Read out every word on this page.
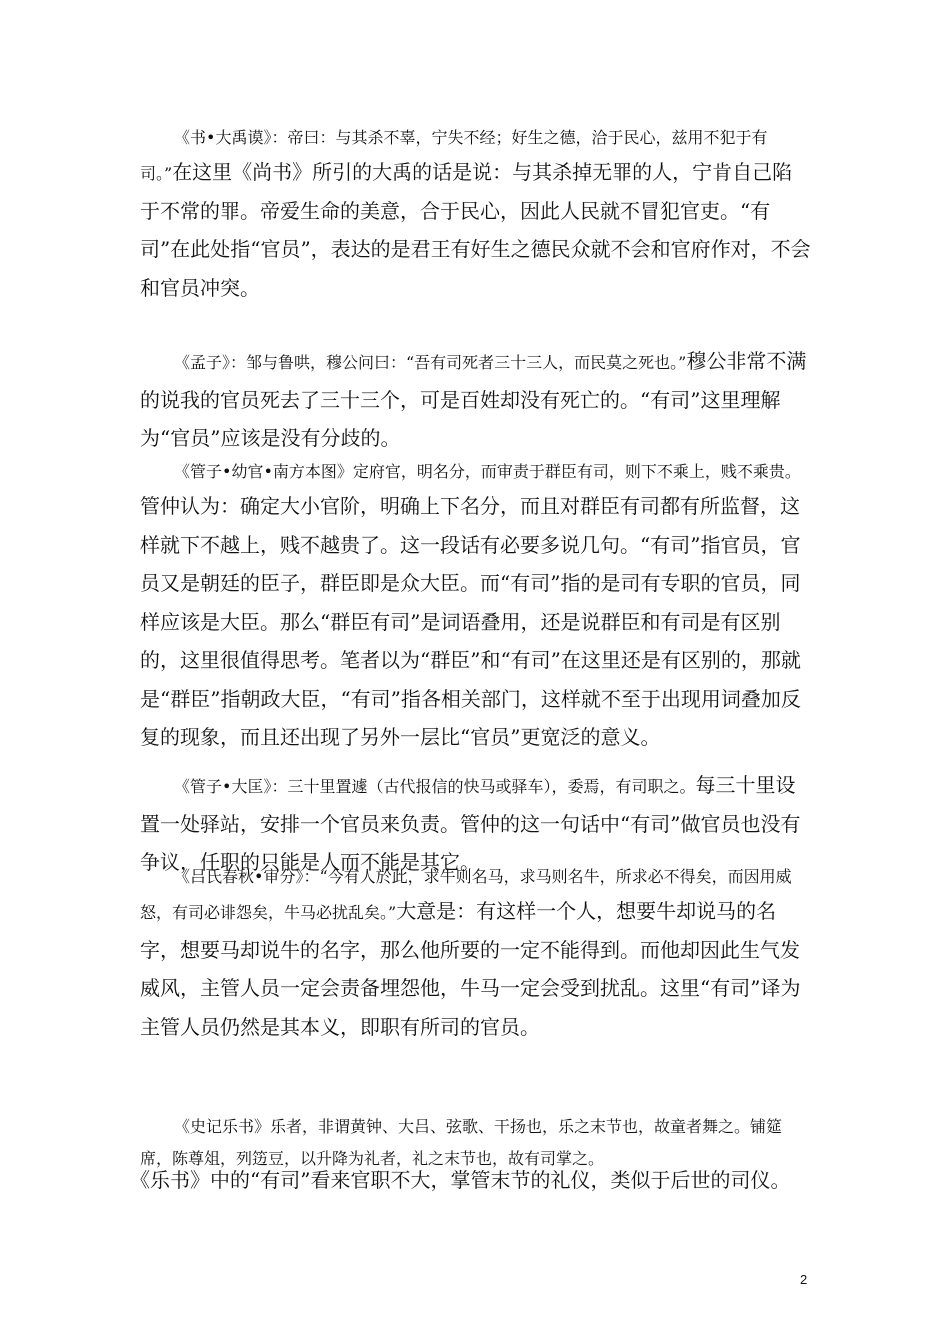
《书•大禹谟》：帝曰：与其杀不辜，宁失不经；好生之德，洽于民心，兹用不犯于有司。”在这里《尚书》所引的大禹的话是说：与其杀掉无罪的人，宁肯自己陷于不常的罪。帝爱生命的美意，合于民心，因此人民就不冒犯官吏。“有司”在此处指“官员”，表达的是君王有好生之德民众就不会和官府作对，不会和官员冲突。

《孟子》：邹与鲁哄，穆公问曰：“吾有司死者三十三人，而民莫之死也。”穆公非常不满的说我的官员死去了三十三个，可是百姓却没有死亡的。“有司”这里理解为“官员”应该是没有分歧的。

《管子•幼官•南方本图》定府官，明名分，而审责于群臣有司，则下不乘上，贱不乘贵。管仲认为：确定大小官阶，明确上下名分，而且对群臣有司都有所监督，这样就下不越上，贱不越贵了。这一段话有必要多说几句。“有司”指官员，官员又是朝廷的臣子，群臣即是众大臣。而“有司”指的是司有专职的官员，同样应该是大臣。那么“群臣有司”是词语叠用，还是说群臣和有司是有区别的，这里很值得思考。笔者以为“群臣”和“有司”在这里还是有区别的，那就是“群臣”指朝政大臣，“有司”指各相关部门，这样就不至于出现用词叠加反复的现象，而且还出现了另外一层比“官员”更宽泛的意义。

《管子•大匡》：三十里置遽（古代报信的快马或驿车），委焉，有司职之。每三十里设置一处驿站，安排一个官员来负责。管仲的这一句话中“有司”做官员也没有争议，任职的只能是人而不能是其它。

《吕氏春秋•审分》：“今有人於此，求牛则名马，求马则名牛，所求必不得矣，而因用威怒，有司必诽怨矣，牛马必扰乱矣。”大意是：有这样一个人，想要牛却说马的名字，想要马却说牛的名字，那么他所要的一定不能得到。而他却因此生气发威风，主管人员一定会责备埋怨他，牛马一定会受到扰乱。这里“有司”译为主管人员仍然是其本义，即职有所司的官员。

《史记乐书》乐者，非谓黄钟、大吕、弦歌、干扬也，乐之末节也，故童者舞之。铺筵席，陈尊俎，列笾豆，以升降为礼者，礼之末节也，故有司掌之。

《乐书》中的“有司”看来官职不大，掌管末节的礼仪，类似于后世的司仪。

2
